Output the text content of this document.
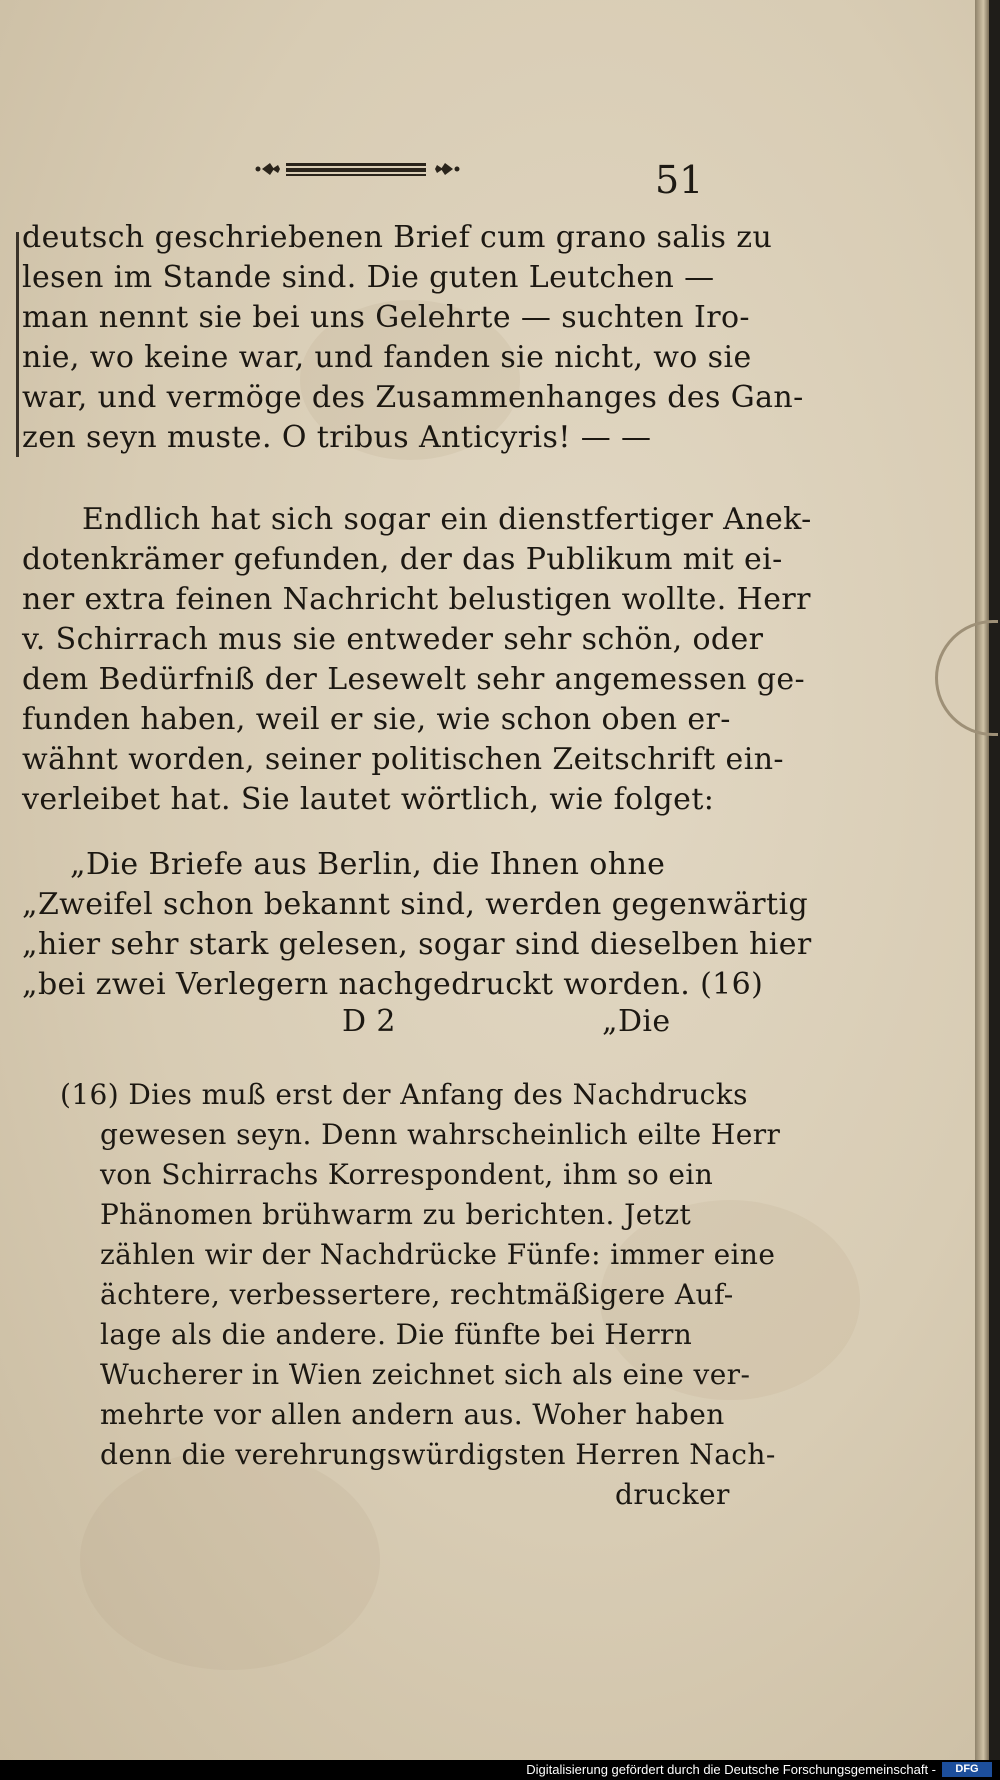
51
deutsch geschriebenen Brief cum grano salis zu
lesen im Stande sind. Die guten Leutchen —
man nennt sie bei uns Gelehrte — suchten Iro-
nie, wo keine war, und fanden sie nicht, wo sie
war, und vermöge des Zusammenhanges des Gan-
zen seyn muste. O tribus Anticyris! — —
Endlich hat sich sogar ein dienstfertiger Anek-
dotenkrämer gefunden, der das Publikum mit ei-
ner extra feinen Nachricht belustigen wollte. Herr
v. Schirrach mus sie entweder sehr schön, oder
dem Bedürfniß der Lesewelt sehr angemessen ge-
funden haben, weil er sie, wie schon oben er-
wähnt worden, seiner politischen Zeitschrift ein-
verleibet hat. Sie lautet wörtlich, wie folget:
„Die Briefe aus Berlin, die Ihnen ohne
„Zweifel schon bekannt sind, werden gegenwärtig
„hier sehr stark gelesen, sogar sind dieselben hier
„bei zwei Verlegern nachgedruckt worden. (16)
D 2	„Die
(16) Dies muß erst der Anfang des Nachdrucks
gewesen seyn. Denn wahrscheinlich eilte Herr
von Schirrachs Korrespondent, ihm so ein
Phänomen brühwarm zu berichten. Jetzt
zählen wir der Nachdrücke Fünfe: immer eine
ächtere, verbessertere, rechtmäßigere Auf-
lage als die andere. Die fünfte bei Herrn
Wucherer in Wien zeichnet sich als eine ver-
mehrte vor allen andern aus. Woher haben
denn die verehrungswürdigsten Herren Nach-
drucker
Digitalisierung gefördert durch die Deutsche Forschungsgemeinschaft -	DFG
